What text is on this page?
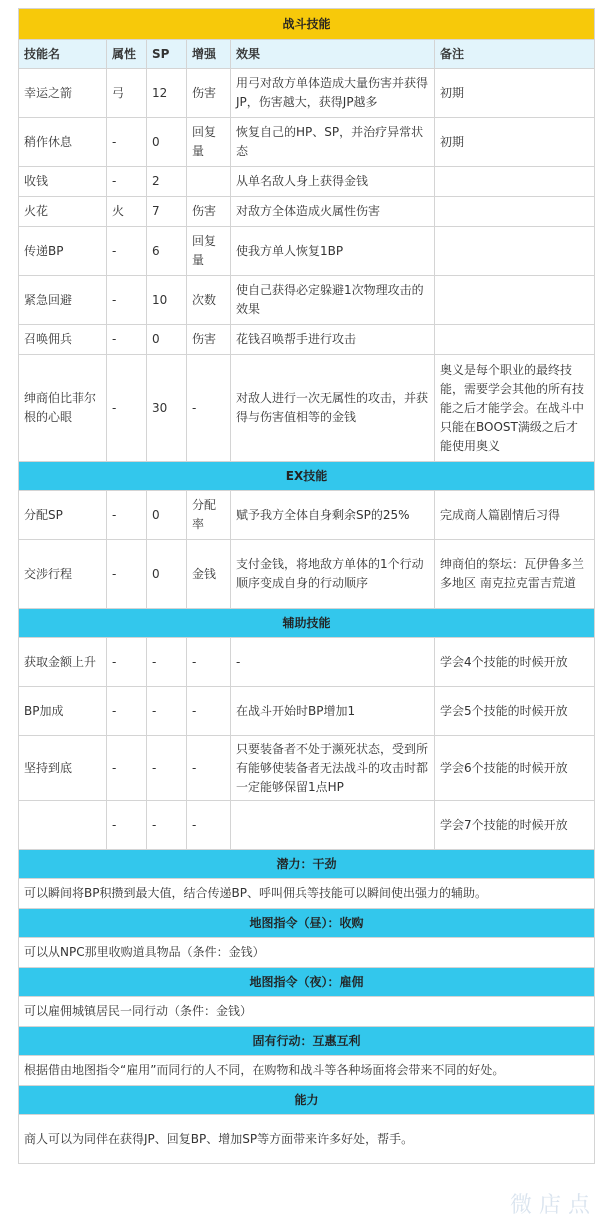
战斗技能					
技能名	属性	SP	增强	效果	备注
幸运之箭	弓	12	伤害	用弓对敌方单体造成大量伤害并获得JP，伤害越大，获得JP越多	初期
稍作休息	-	0	回复量	恢复自己的HP、SP，并治疗异常状态	初期
收钱	-	2		从单名敌人身上获得金钱	
火花	火	7	伤害	对敌方全体造成火属性伤害	
传递BP	-	6	回复量	使我方单人恢复1BP	
紧急回避	-	10	次数	使自己获得必定躲避1次物理攻击的效果	
召唤佣兵	-	0	伤害	花钱召唤帮手进行攻击	
绅商伯比菲尔根的心眼	-	30	-	对敌人进行一次无属性的攻击，并获得与伤害值相等的金钱	奥义是每个职业的最终技能，需要学会其他的所有技能之后才能学会。在战斗中只能在BOOST满级之后才能使用奥义
EX技能					
分配SP	-	0	分配率	赋予我方全体自身剩余SP的25%	完成商人篇剧情后习得
交涉行程	-	0	金钱	支付金钱，将地敌方单体的1个行动顺序变成自身的行动顺序	绅商伯的祭坛：瓦伊鲁多兰多地区 南克拉克雷吉荒道
辅助技能					
获取金额上升	-	-	-	-	学会4个技能的时候开放
BP加成	-	-	-	在战斗开始时BP增加1	学会5个技能的时候开放
坚持到底	-	-	-	只要装备者不处于濒死状态，受到所有能够使装备者无法战斗的攻击时都一定能够保留1点HP	学会6个技能的时候开放
	-	-	-		学会7个技能的时候开放
潜力：干劲					
可以瞬间将BP积攒到最大值，结合传递BP、呼叫佣兵等技能可以瞬间使出强力的辅助。					
地图指令（昼）：收购					
可以从NPC那里收购道具物品（条件：金钱）					
地图指令（夜）：雇佣					
可以雇佣城镇居民一同行动（条件：金钱）					
固有行动：互惠互利					
根据借由地图指令“雇用”而同行的人不同，在购物和战斗等各种场面将会带来不同的好处。					
能力					
商人可以为同伴在获得JP、回复BP、增加SP等方面带来许多好处，帮手。					
微 店 点
